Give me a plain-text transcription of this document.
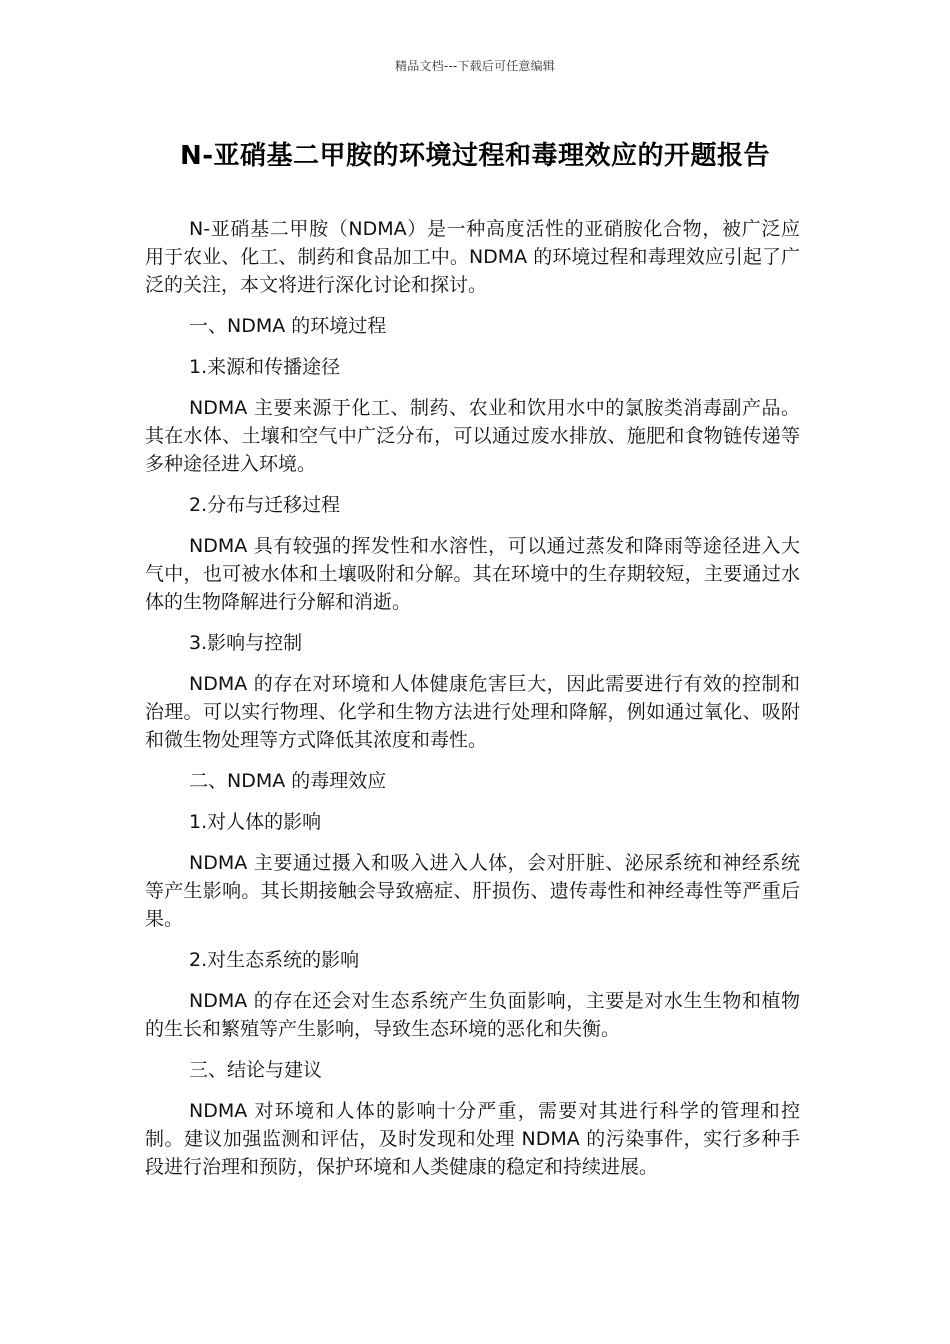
精品文档---下载后可任意编辑
N-亚硝基二甲胺的环境过程和毒理效应的开题报告

N-亚硝基二甲胺（NDMA）是一种高度活性的亚硝胺化合物，被广泛应用于农业、化工、制药和食品加工中。NDMA 的环境过程和毒理效应引起了广泛的关注，本文将进行深化讨论和探讨。

一、NDMA 的环境过程

1.来源和传播途径

NDMA 主要来源于化工、制药、农业和饮用水中的氯胺类消毒副产品。其在水体、土壤和空气中广泛分布，可以通过废水排放、施肥和食物链传递等多种途径进入环境。

2.分布与迁移过程

NDMA 具有较强的挥发性和水溶性，可以通过蒸发和降雨等途径进入大气中，也可被水体和土壤吸附和分解。其在环境中的生存期较短，主要通过水体的生物降解进行分解和消逝。

3.影响与控制

NDMA 的存在对环境和人体健康危害巨大，因此需要进行有效的控制和治理。可以实行物理、化学和生物方法进行处理和降解，例如通过氧化、吸附和微生物处理等方式降低其浓度和毒性。

二、NDMA 的毒理效应

1.对人体的影响

NDMA 主要通过摄入和吸入进入人体，会对肝脏、泌尿系统和神经系统等产生影响。其长期接触会导致癌症、肝损伤、遗传毒性和神经毒性等严重后果。

2.对生态系统的影响

NDMA 的存在还会对生态系统产生负面影响，主要是对水生生物和植物的生长和繁殖等产生影响，导致生态环境的恶化和失衡。

三、结论与建议

NDMA 对环境和人体的影响十分严重，需要对其进行科学的管理和控制。建议加强监测和评估，及时发现和处理 NDMA 的污染事件，实行多种手段进行治理和预防，保护环境和人类健康的稳定和持续进展。
